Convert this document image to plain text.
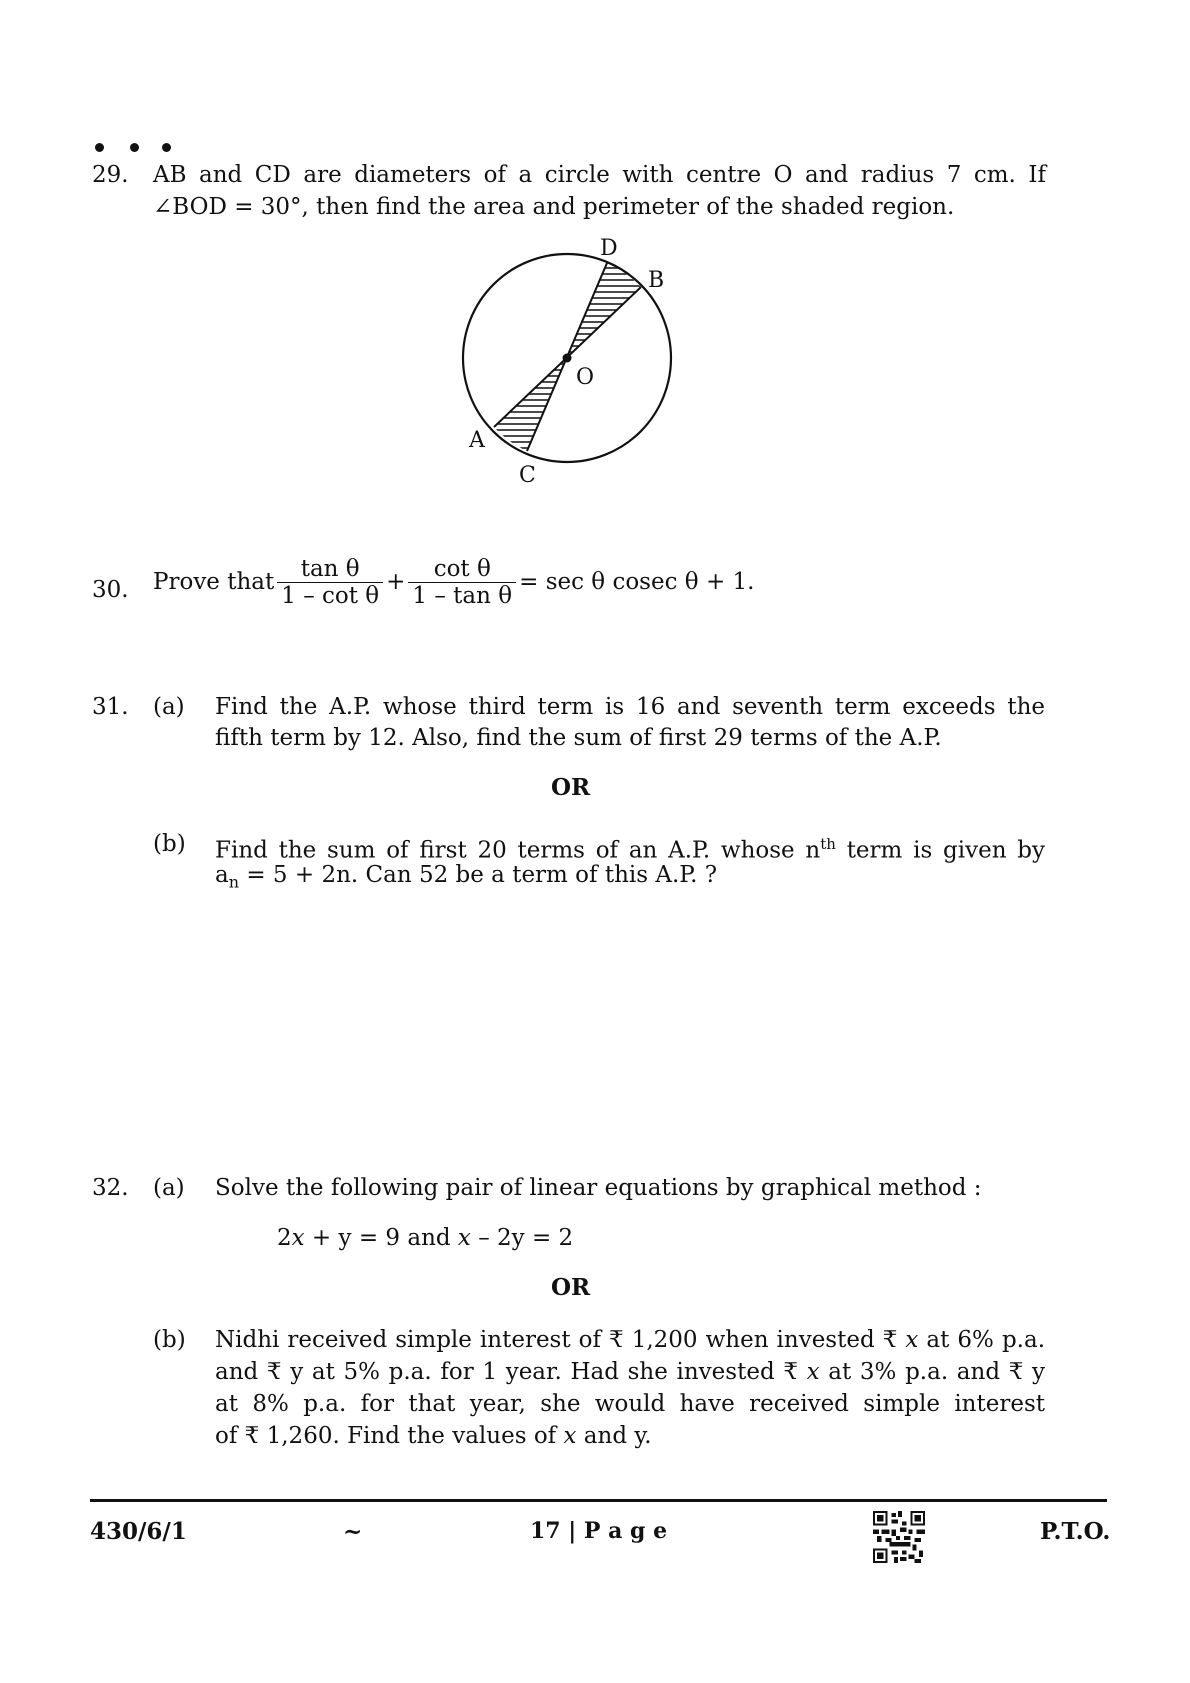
29. AB and CD are diameters of a circle with centre O and radius 7 cm. If
∠BOD = 30°, then find the area and perimeter of the shaded region.
D
B
O
A
C
30. Prove that $\frac{\text{tan θ}}{\text{1 – cot θ}} + \frac{\text{cot θ}}{\text{1 – tan θ}} = \sec \theta$ cosec θ + 1.
31. (a) Find the A.P. whose third term is 16 and seventh term exceeds the
fifth term by 12. Also, find the sum of first 29 terms of the A.P.
OR
(b) Find the sum of first 20 terms of an A.P. whose $n^{th}$ term is given by
$a_n = 5 + 2n$. Can 52 be a term of this A.P. ?
32. (a) Solve the following pair of linear equations by graphical method :
2x + y = 9 and x – 2y = 2
OR
(b) Nidhi received simple interest of ₹ 1,200 when invested ₹ x at 6% p.a.
and ₹ y at 5% p.a. for 1 year. Had she invested ₹ x at 3% p.a. and ₹ y
at 8% p.a. for that year, she would have received simple interest
of ₹ 1,260. Find the values of x and y.
430/6/1	~	17 | P a g e	P.T.O.
